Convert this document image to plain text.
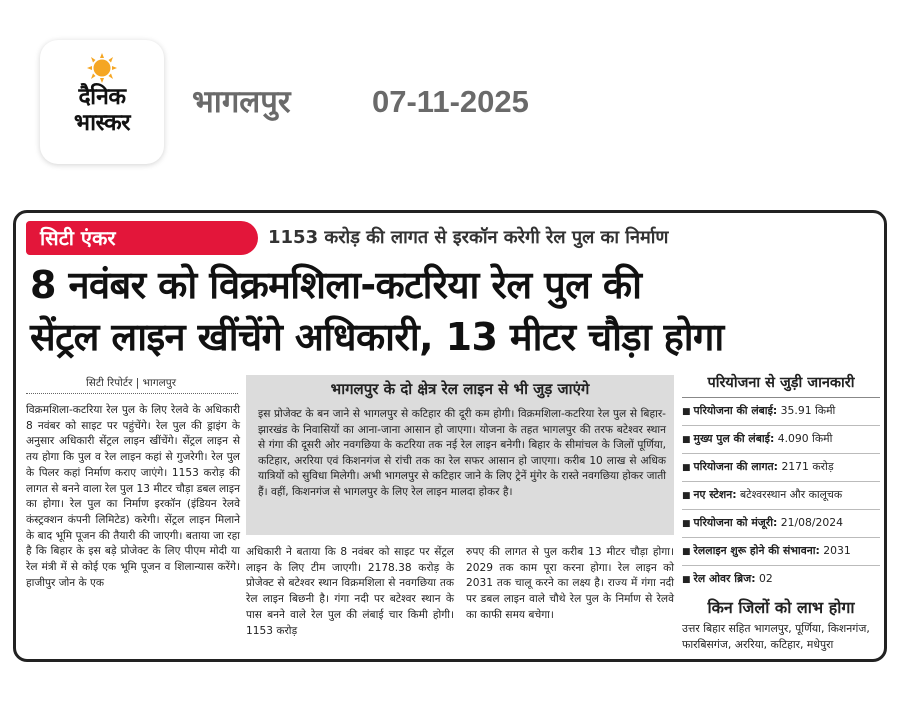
दैनिक
भास्कर
भागलपुर	07-11-2025
सिटी एंकर	1153 करोड़ की लागत से इरकॉन करेगी रेल पुल का निर्माण
8 नवंबर को विक्रमशिला-कटरिया रेल पुल की
सेंट्रल लाइन खींचेंगे अधिकारी, 13 मीटर चौड़ा होगा
सिटी रिपोर्टर | भागलपुर
विक्रमशिला-कटरिया रेल पुल के लिए रेलवे के अधिकारी 8 नवंबर को साइट पर पहुंचेंगे। रेल पुल की ड्राइंग के अनुसार अधिकारी सेंट्रल लाइन खींचेंगे। सेंट्रल लाइन से तय होगा कि पुल व रेल लाइन कहां से गुजरेगी। रेल पुल के पिलर कहां निर्माण कराए जाएंगे। 1153 करोड़ की लागत से बनने वाला रेल पुल 13 मीटर चौड़ा डबल लाइन का होगा। रेल पुल का निर्माण इरकॉन (इंडियन रेलवे कंस्ट्रक्शन कंपनी लिमिटेड) करेगी। सेंट्रल लाइन मिलाने के बाद भूमि पूजन की तैयारी की जाएगी। बताया जा रहा है कि बिहार के इस बड़े प्रोजेक्ट के लिए पीएम मोदी या रेल मंत्री में से कोई एक भूमि पूजन व शिलान्यास करेंगे। हाजीपुर जोन के एक
भागलपुर के दो क्षेत्र रेल लाइन से भी जुड़ जाएंगे
इस प्रोजेक्ट के बन जाने से भागलपुर से कटिहार की दूरी कम होगी। विक्रमशिला-कटरिया रेल पुल से बिहार-झारखंड के निवासियों का आना-जाना आसान हो जाएगा। योजना के तहत भागलपुर की तरफ बटेश्वर स्थान से गंगा की दूसरी ओर नवगछिया के कटरिया तक नई रेल लाइन बनेगी। बिहार के सीमांचल के जिलों पूर्णिया, कटिहार, अररिया एवं किशनगंज से रांची तक का रेल सफर आसान हो जाएगा। करीब 10 लाख से अधिक यात्रियों को सुविधा मिलेगी। अभी भागलपुर से कटिहार जाने के लिए ट्रेनें मुंगेर के रास्ते नवगछिया होकर जाती हैं। वहीं, किशनगंज से भागलपुर के लिए रेल लाइन मालदा होकर है।
अधिकारी ने बताया कि 8 नवंबर को साइट पर सेंट्रल लाइन के लिए टीम जाएगी। 2178.38 करोड़ के प्रोजेक्ट से बटेश्वर स्थान विक्रमशिला से नवगछिया तक रेल लाइन बिछनी है। गंगा नदी पर बटेश्वर स्थान के पास बनने वाले रेल पुल की लंबाई चार किमी होगी। 1153 करोड़
रुपए की लागत से पुल करीब 13 मीटर चौड़ा होगा। 2029 तक काम पूरा करना होगा। रेल लाइन को 2031 तक चालू करने का लक्ष्य है। राज्य में गंगा नदी पर डबल लाइन वाले चौथे रेल पुल के निर्माण से रेलवे का काफी समय बचेगा।
परियोजना से जुड़ी जानकारी
■ परियोजना की लंबाई: 35.91 किमी
■ मुख्य पुल की लंबाई: 4.090 किमी
■ परियोजना की लागत: 2171 करोड़
■ नए स्टेशन: बटेश्वरस्थान और कालूचक
■ परियोजना को मंजूरी: 21/08/2024
■ रेललाइन शुरू होने की संभावना: 2031
■ रेल ओवर ब्रिज: 02
किन जिलों को लाभ होगा
उत्तर बिहार सहित भागलपुर, पूर्णिया, किशनगंज, फारबिसगंज, अररिया, कटिहार, मधेपुरा
